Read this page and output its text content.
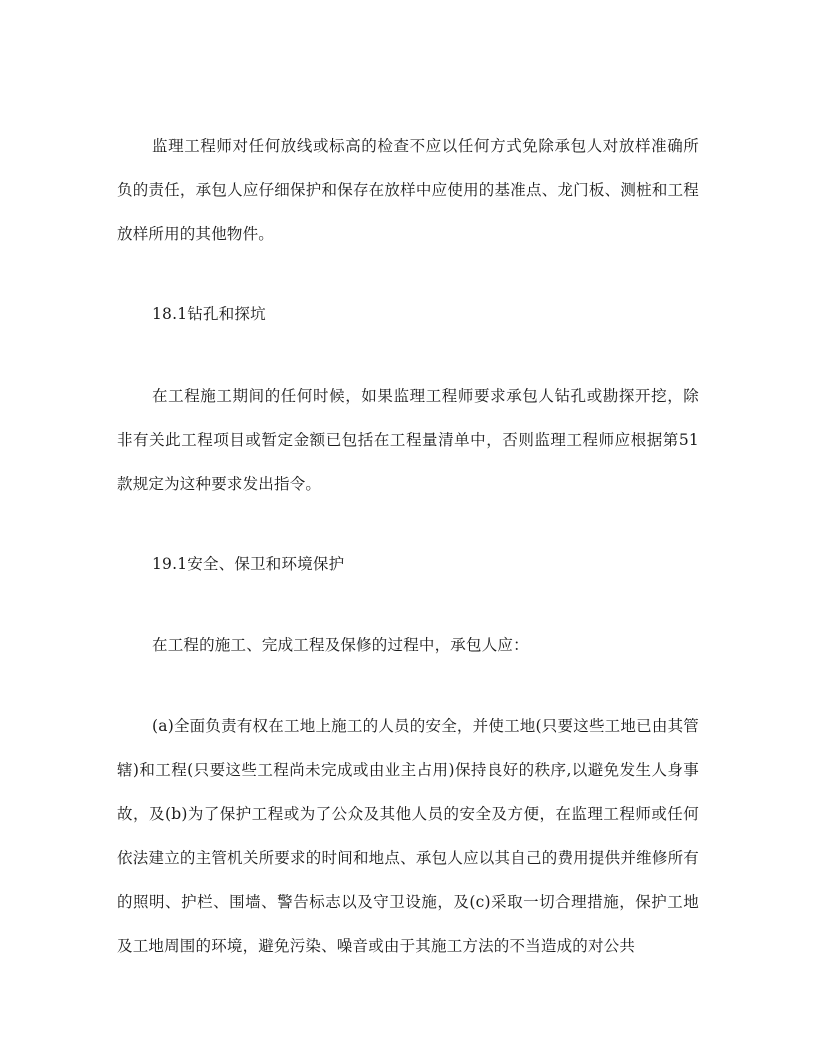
监理工程师对任何放线或标高的检查不应以任何方式免除承包人对放样准确所负的责任，承包人应仔细保护和保存在放样中应使用的基准点、龙门板、测桩和工程放样所用的其他物件。

18.1钻孔和探坑

在工程施工期间的任何时候，如果监理工程师要求承包人钻孔或勘探开挖，除非有关此工程项目或暂定金额已包括在工程量清单中，否则监理工程师应根据第51款规定为这种要求发出指令。

19.1安全、保卫和环境保护

在工程的施工、完成工程及保修的过程中，承包人应：

(a)全面负责有权在工地上施工的人员的安全，并使工地(只要这些工地已由其管辖)和工程(只要这些工程尚未完成或由业主占用)保持良好的秩序,以避免发生人身事故，及(b)为了保护工程或为了公众及其他人员的安全及方便，在监理工程师或任何依法建立的主管机关所要求的时间和地点、承包人应以其自己的费用提供并维修所有的照明、护栏、围墙、警告标志以及守卫设施，及(c)采取一切合理措施，保护工地及工地周围的环境，避免污染、噪音或由于其施工方法的不当造成的对公共
